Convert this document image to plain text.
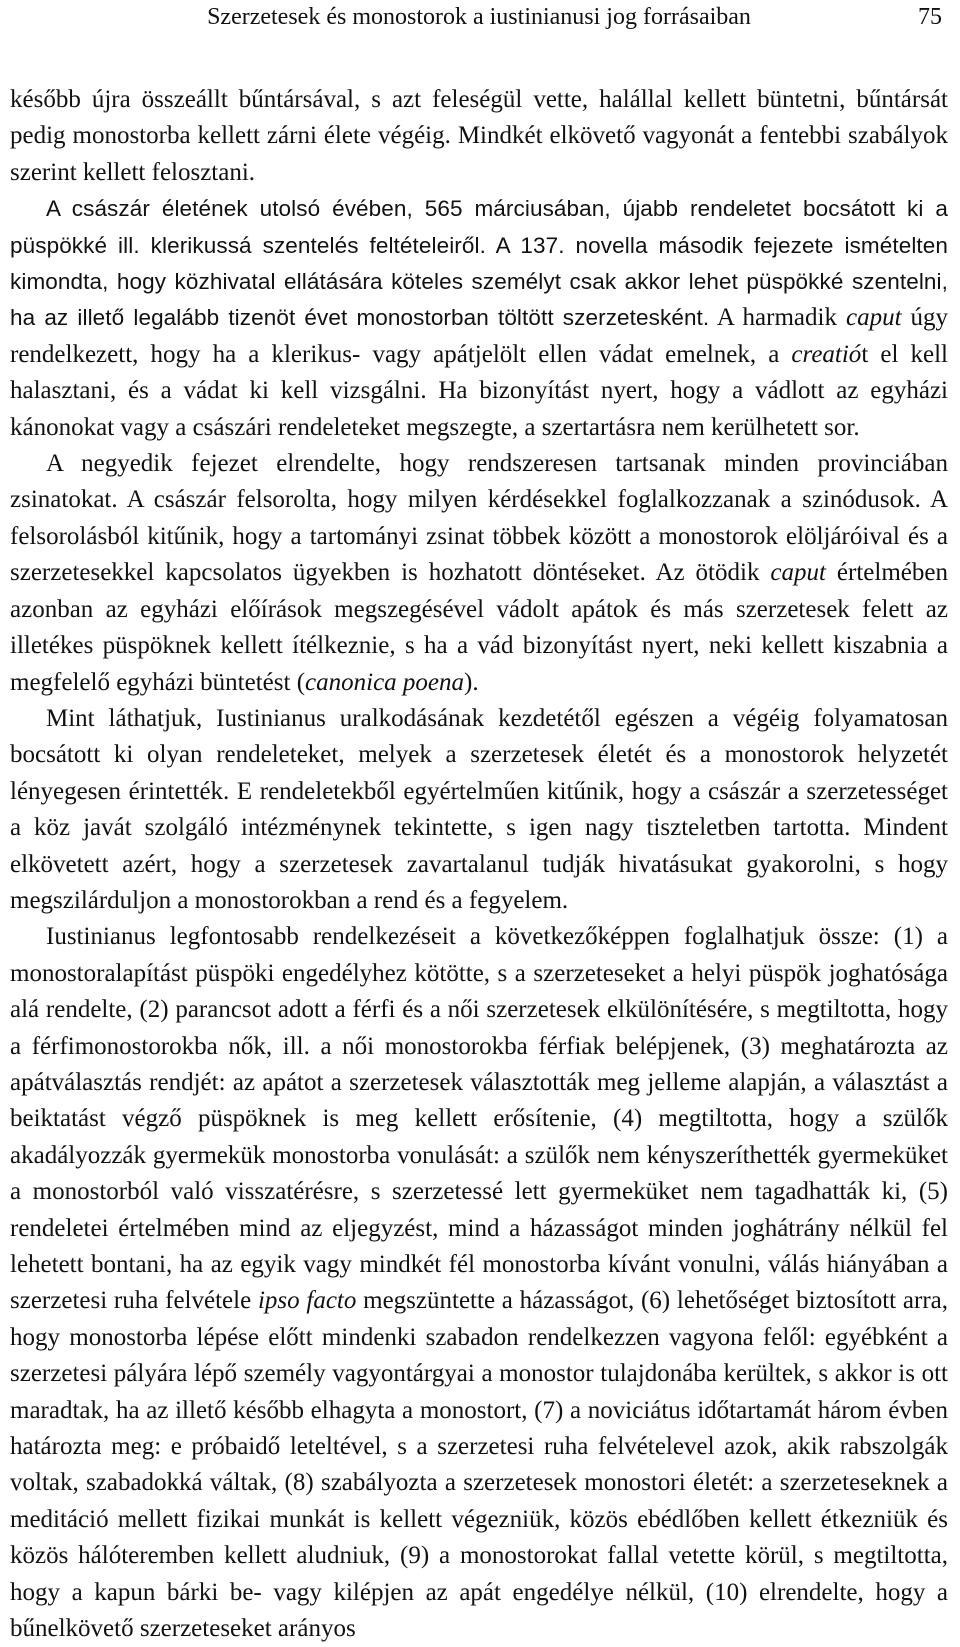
Szerzetesek és monostorok a iustinianusi jog forrásaiban	75

később újra összeállt bűntársával, s azt feleségül vette, halállal kellett büntetni, bűntársát pedig monostorba kellett zárni élete végéig. Mindkét elkövető vagyonát a fentebbi szabályok szerint kellett felosztani.

A császár életének utolsó évében, 565 márciusában, újabb rendeletet bocsátott ki a püspökké ill. klerikussá szentelés feltételeiről. A 137. novella második fejezete ismételten kimondta, hogy közhivatal ellátására köteles személyt csak akkor lehet püspökké szentelni, ha az illető legalább tizenöt évet monostorban töltött szerzetesként. A harmadik caput úgy rendelkezett, hogy ha a klerikus- vagy apátjelölt ellen vádat emelnek, a creatiót el kell halasztani, és a vádat ki kell vizsgálni. Ha bizonyítást nyert, hogy a vádlott az egyházi kánonokat vagy a császári rendeleteket megszegte, a szertartásra nem kerülhetett sor.

A negyedik fejezet elrendelte, hogy rendszeresen tartsanak minden provinciában zsinatokat. A császár felsorolta, hogy milyen kérdésekkel foglalkozzanak a szinódusok. A felsorolásból kitűnik, hogy a tartományi zsinat többek között a monostorok elöljáróival és a szerzetesekkel kapcsolatos ügyekben is hozhatott döntéseket. Az ötödik caput értelmében azonban az egyházi előírások megszegésével vádolt apátok és más szerzetesek felett az illetékes püspöknek kellett ítélkeznie, s ha a vád bizonyítást nyert, neki kellett kiszabnia a megfelelő egyházi büntetést (canonica poena).

Mint láthatjuk, Iustinianus uralkodásának kezdetétől egészen a végéig folyamatosan bocsátott ki olyan rendeleteket, melyek a szerzetesek életét és a monostorok helyzetét lényegesen érintették. E rendeletekből egyértelműen kitűnik, hogy a császár a szerzetességet a köz javát szolgáló intézménynek tekintette, s igen nagy tiszteletben tartotta. Mindent elkövetett azért, hogy a szerzetesek zavartalanul tudják hivatásukat gyakorolni, s hogy megszilárduljon a monostorokban a rend és a fegyelem.

Iustinianus legfontosabb rendelkezéseit a következőképpen foglalhatjuk össze: (1) a monostoralapítást püspöki engedélyhez kötötte, s a szerzeteseket a helyi püspök joghatósága alá rendelte, (2) parancsot adott a férfi és a női szerzetesek elkülönítésére, s megtiltotta, hogy a férfimonostorokba nők, ill. a női monostorokba férfiak belépjenek, (3) meghatározta az apátválasztás rendjét: az apátot a szerzetesek választották meg jelleme alapján, a választást a beiktatást végző püspöknek is meg kellett erősítenie, (4) megtiltotta, hogy a szülők akadályozzák gyermekük monostorba vonulását: a szülők nem kényszeríthették gyermeküket a monostorból való visszatérésre, s szerzetessé lett gyermeküket nem tagadhatták ki, (5) rendeletei értelmében mind az eljegyzést, mind a házasságot minden joghátrány nélkül fel lehetett bontani, ha az egyik vagy mindkét fél monostorba kívánt vonulni, válás hiányában a szerzetesi ruha felvétele ipso facto megszüntette a házasságot, (6) lehetőséget biztosított arra, hogy monostorba lépése előtt mindenki szabadon rendelkezzen vagyona felől: egyébként a szerzetesi pályára lépő személy vagyontárgyai a monostor tulajdonába kerültek, s akkor is ott maradtak, ha az illető később elhagyta a monostort, (7) a noviciátus időtartamát három évben határozta meg: e próbaidő leteltével, s a szerzetesi ruha felvételevel azok, akik rabszolgák voltak, szabadokká váltak, (8) szabályozta a szerzetesek monostori életét: a szerzeteseknek a meditáció mellett fizikai munkát is kellett végezniük, közös ebédlőben kellett étkezniük és közös hálóteremben kellett aludniuk, (9) a monostorokat fallal vetette körül, s megtiltotta, hogy a kapun bárki be- vagy kilépjen az apát engedélye nélkül, (10) elrendelte, hogy a bűnelkövető szerzeteseket arányos
